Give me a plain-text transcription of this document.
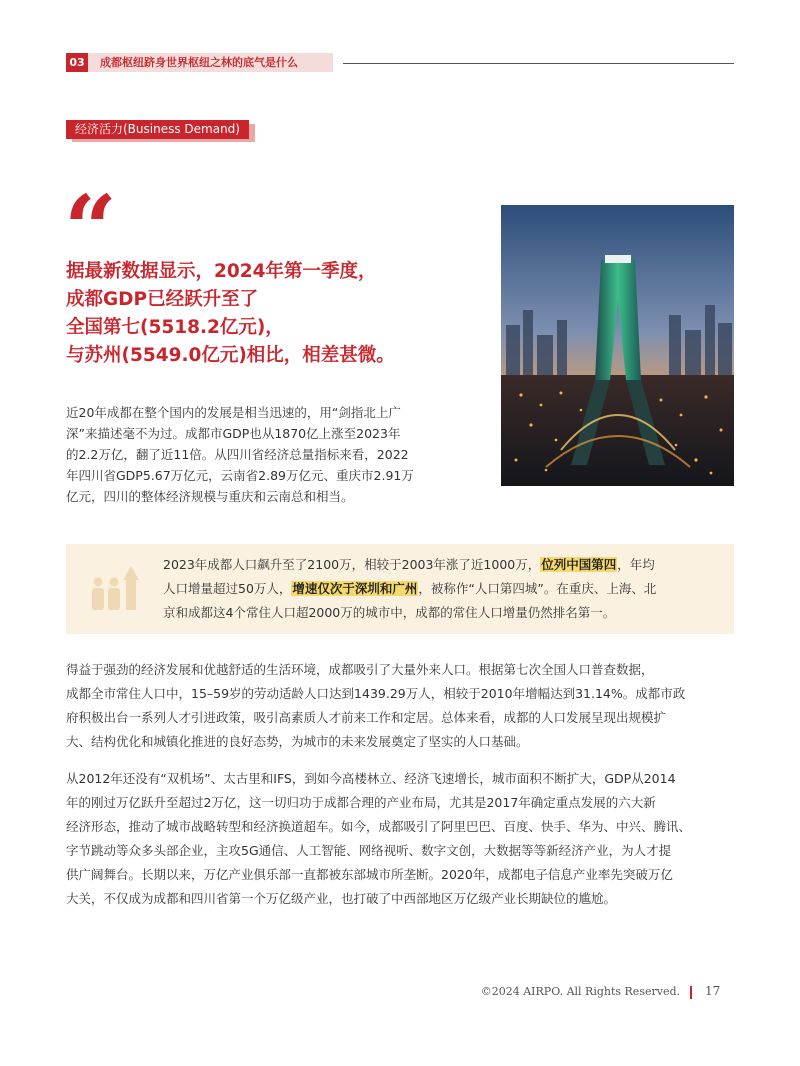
03	成都枢纽跻身世界枢纽之林的底气是什么
经济活力(Business Demand)
“
据最新数据显示，2024年第一季度，
成都GDP已经跃升至了
全国第七(5518.2亿元)，
与苏州(5549.0亿元)相比，相差甚微。
近20年成都在整个国内的发展是相当迅速的，用“剑指北上广
深”来描述毫不为过。成都市GDP也从1870亿上涨至2023年
的2.2万亿，翻了近11倍。从四川省经济总量指标来看，2022
年四川省GDP5.67万亿元，云南省2.89万亿元、重庆市2.91万
亿元，四川的整体经济规模与重庆和云南总和相当。
2023年成都人口飙升至了2100万，相较于2003年涨了近1000万，位列中国第四，年均
人口增量超过50万人，增速仅次于深圳和广州，被称作“人口第四城”。在重庆、上海、北
京和成都这4个常住人口超2000万的城市中，成都的常住人口增量仍然排名第一。
得益于强劲的经济发展和优越舒适的生活环境，成都吸引了大量外来人口。根据第七次全国人口普查数据，
成都全市常住人口中，15–59岁的劳动适龄人口达到1439.29万人，相较于2010年增幅达到31.14%。成都市政
府积极出台一系列人才引进政策，吸引高素质人才前来工作和定居。总体来看，成都的人口发展呈现出规模扩
大、结构优化和城镇化推进的良好态势，为城市的未来发展奠定了坚实的人口基础。
从2012年还没有“双机场”、太古里和IFS，到如今高楼林立、经济飞速增长，城市面积不断扩大，GDP从2014
年的刚过万亿跃升至超过2万亿，这一切归功于成都合理的产业布局，尤其是2017年确定重点发展的六大新
经济形态，推动了城市战略转型和经济换道超车。如今，成都吸引了阿里巴巴、百度、快手、华为、中兴、腾讯、
字节跳动等众多头部企业，主攻5G通信、人工智能、网络视听、数字文创，大数据等等新经济产业，为人才提
供广阔舞台。长期以来，万亿产业俱乐部一直都被东部城市所垄断。2020年，成都电子信息产业率先突破万亿
大关，不仅成为成都和四川省第一个万亿级产业，也打破了中西部地区万亿级产业长期缺位的尴尬。
©2024 AIRPO. All Rights Reserved. 17
